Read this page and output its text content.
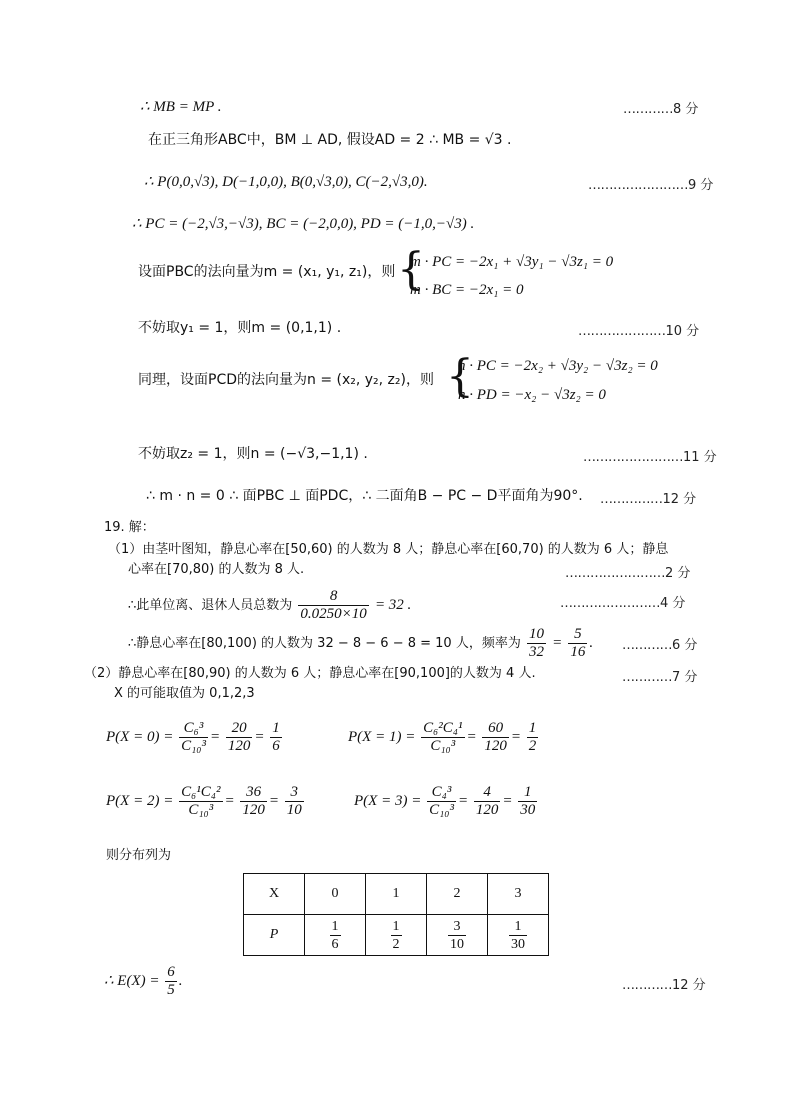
∴ MB = MP .	…………8 分
在正三角形ABC中，BM ⊥ AD, 假设AD = 2 ∴ MB = √3 .
∴ P(0,0,√3), D(−1,0,0), B(0,√3,0), C(−2,√3,0).	……………………9 分
∴ PC = (−2,√3,−√3), BC = (−2,0,0), PD = (−1,0,−√3) .
设面PBC的法向量为m = (x₁, y₁, z₁)，则 {
m · PC = −2x₁ + √3y₁ − √3z₁ = 0
m · BC = −2x₁ = 0
不妨取y₁ = 1，则m = (0,1,1) .	…………………10 分
同理，设面PCD的法向量为n = (x₂, y₂, z₂)，则 {
n · PC = −2x₂ + √3y₂ − √3z₂ = 0
n · PD = −x₂ − √3z₂ = 0
不妨取z₂ = 1，则n = (−√3,−1,1) .	……………………11 分
∴ m · n = 0 ∴ 面PBC ⊥ 面PDC，∴ 二面角B − PC − D平面角为90°. ……………12 分
19. 解：
（1）由茎叶图知，静息心率在[50,60) 的人数为 8 人；静息心率在[60,70) 的人数为 6 人；静息
心率在[70,80) 的人数为 8 人.	……………………2 分
∴此单位离、退休人员总数为 $\frac{8}{0.0250\times 10} = 32$ .	……………………4 分
∴静息心率在[80,100) 的人数为 32 − 8 − 6 − 8 = 10 人，频率为 $\frac{10}{32} = \frac{5}{16}$ . …………6 分
（2）静息心率在[80,90) 的人数为 6 人；静息心率在[90,100]的人数为 4 人.	…………7 分
X 的可能取值为 0,1,2,3
$P(X = 0) = \frac{\text{C₆³}}{\text{C₁₀³}} = \frac{20}{120} = \frac{1}{6}$	$P(X = 1) = \frac{\text{C₆²C₄¹}}{\text{C₁₀³}} = \frac{60}{120} = \frac{1}{2}$
$P(X = 2) = \frac{\text{C₆¹C₄²}}{\text{C₁₀³}} = \frac{36}{120} = \frac{3}{10}$	$P(X = 3) = \frac{\text{C₄³}}{\text{C₁₀³}} = \frac{4}{120} = \frac{1}{30}$
则分布列为
X	0	1	2	3
P	$\frac{1}{6}$	$\frac{1}{2}$	$\frac{3}{10}$	$\frac{1}{30}$
∴ $E(X) = \frac{6}{5}$ .	…………12 分
